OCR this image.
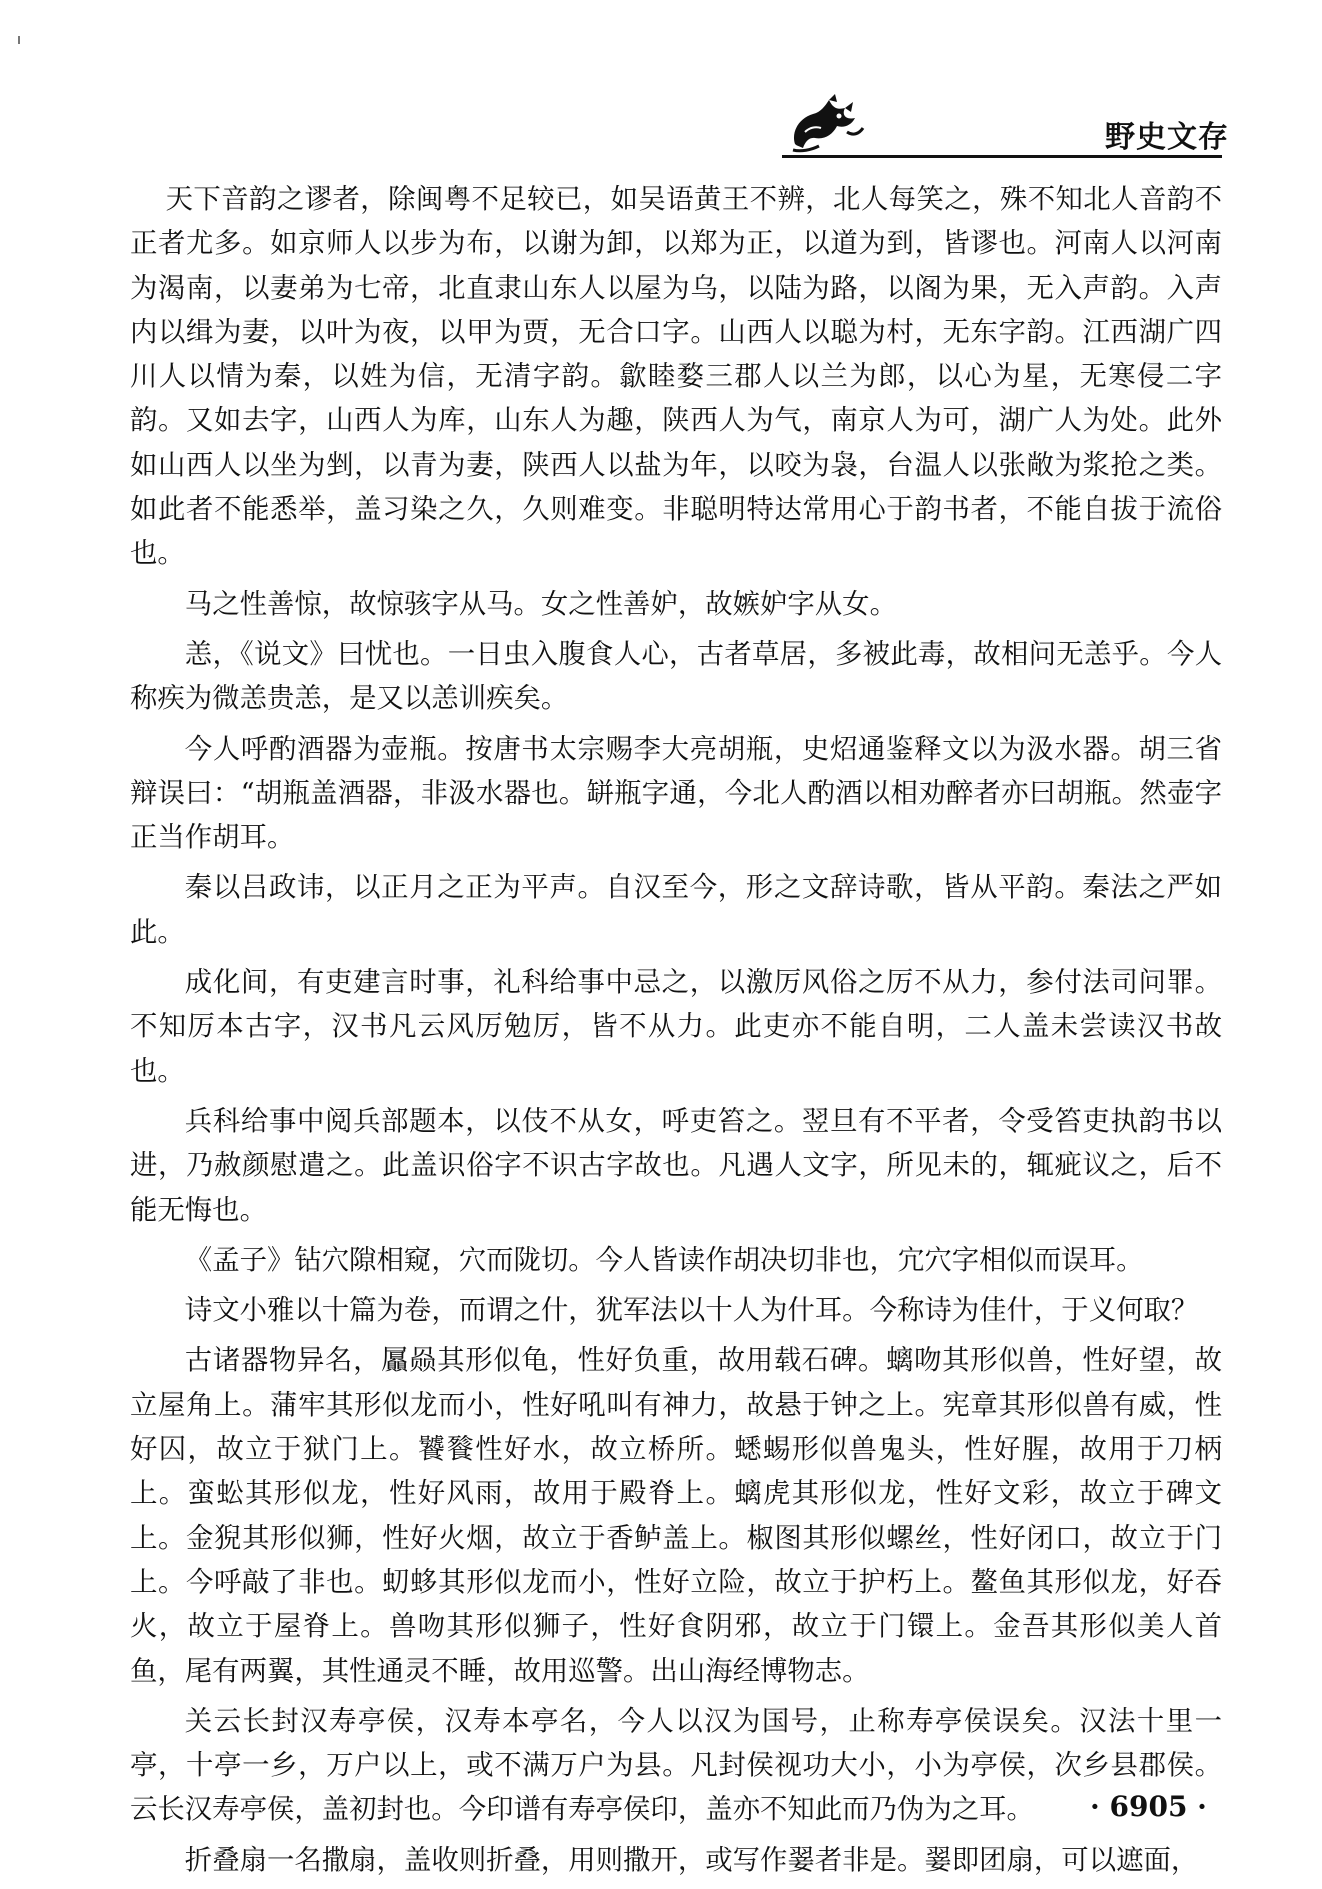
野史文存

天下音韵之谬者，除闽粤不足较已，如吴语黄王不辨，北人每笑之，殊不知北人音韵不正者尤多。如京师人以步为布，以谢为卸，以郑为正，以道为到，皆谬也。河南人以河南为渴南，以妻弟为七帝，北直隶山东人以屋为乌，以陆为路，以阁为果，无入声韵。入声内以缉为妻，以叶为夜，以甲为贾，无合口字。山西人以聪为村，无东字韵。江西湖广四川人以情为秦，以姓为信，无清字韵。歙睦婺三郡人以兰为郎，以心为星，无寒侵二字韵。又如去字，山西人为库，山东人为趣，陕西人为气，南京人为可，湖广人为处。此外如山西人以坐为剉，以青为妻，陕西人以盐为年，以咬为袅，台温人以张敞为浆抢之类。如此者不能悉举，盖习染之久，久则难变。非聪明特达常用心于韵书者，不能自拔于流俗也。

马之性善惊，故惊骇字从马。女之性善妒，故嫉妒字从女。

恙，《说文》曰忧也。一日虫入腹食人心，古者草居，多被此毒，故相问无恙乎。今人称疾为微恙贵恙，是又以恙训疾矣。

今人呼酌酒器为壶瓶。按唐书太宗赐李大亮胡瓶，史炤通鉴释文以为汲水器。胡三省辩误曰：“胡瓶盖酒器，非汲水器也。缾瓶字通，今北人酌酒以相劝醉者亦曰胡瓶。然壶字正当作胡耳。

秦以吕政讳，以正月之正为平声。自汉至今，形之文辞诗歌，皆从平韵。秦法之严如此。

成化间，有吏建言时事，礼科给事中忌之，以激厉风俗之厉不从力，参付法司问罪。不知厉本古字，汉书凡云风厉勉厉，皆不从力。此吏亦不能自明，二人盖未尝读汉书故也。

兵科给事中阅兵部题本，以伎不从女，呼吏笞之。翌旦有不平者，令受笞吏执韵书以进，乃赦颜慰遣之。此盖识俗字不识古字故也。凡遇人文字，所见未的，辄疵议之，后不能无悔也。

《孟子》钻穴隙相窥，穴而陇切。今人皆读作胡决切非也，宂穴字相似而误耳。

诗文小雅以十篇为卷，而谓之什，犹军法以十人为什耳。今称诗为佳什，于义何取？

古诸器物异名，屭赑其形似龟，性好负重，故用载石碑。螭吻其形似兽，性好望，故立屋角上。蒲牢其形似龙而小，性好吼叫有神力，故悬于钟之上。宪章其形似兽有威，性好囚，故立于狱门上。饕餮性好水，故立桥所。蟋蜴形似兽鬼头，性好腥，故用于刀柄上。蛮蚣其形似龙，性好风雨，故用于殿脊上。螭虎其形似龙，性好文彩，故立于碑文上。金猊其形似狮，性好火烟，故立于香鲈盖上。椒图其形似螺丝，性好闭口，故立于门上。今呼敲了非也。虭蛥其形似龙而小，性好立险，故立于护朽上。鳌鱼其形似龙，好吞火，故立于屋脊上。兽吻其形似狮子，性好食阴邪，故立于门镮上。金吾其形似美人首鱼，尾有两翼，其性通灵不睡，故用巡警。出山海经博物志。

关云长封汉寿亭侯，汉寿本亭名，今人以汉为国号，止称寿亭侯误矣。汉法十里一亭，十亭一乡，万户以上，或不满万户为县。凡封侯视功大小，小为亭侯，次乡县郡侯。云长汉寿亭侯，盖初封也。今印谱有寿亭侯印，盖亦不知此而乃伪为之耳。

折叠扇一名撒扇，盖收则折叠，用则撒开，或写作翣者非是。翣即团扇，可以遮面，

· 6905 ·
